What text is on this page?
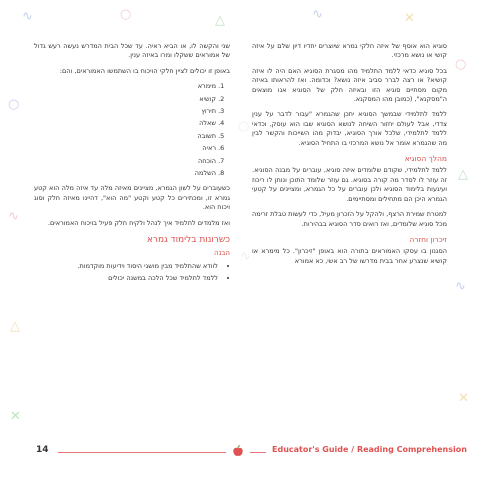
∿	○	△	∿	✕
○
△
∿
✕
○
∿
△
✕
∿
○

סוגיא הוא אוסף של איזה חלקי גמרא שיוצרים יחדיו דיון שלם על איזה קושי או נושא מרכזי.

בכל סוגיא כדאי ללמד התלמיד מהו מסגרת הסוגיא האם היה לו איזה קושיא? או רצה לברר סביב איזה נושא? וכדומה. ואז להראותו באיזה מקום מסתיים סוגיא הזו ובאיזה חלק של הסוגיא אנו מוצאים ה"מסקנא", (כמובן מהו המסקנא.

ללמד לתלמידי שבמשך הסוגיא יתכן שהגמרא "עבור לדבר על ענין צדדי, אבל לעולם יחזור השיחה לנושא הסוגיא שבו הוא עוסק, וכדאי ללמד לתלמידי, שלכל אורך הסוגיא, יבדוק מהו השייכות והקשר לבין מה שהגמרא אומר אל נושא המרכזי בו התחיל הסוגיא.

מהלך הסוגיא

ללמד לתלמידי, שקודם שלומדים איזה סוגיא, עוברים על מבנה הסוגיא. זה עוזר לו לסדר מה קורה בסוגיא. גם עוזר שלומד התוכן ונותן לו ריכוז ועיגעות בלימוד הסוגיא ולכן עוברים על כל הגמרא, ומציינים על קטעי הגמרא היכן הם מתחילים ומסתיימים.

למטרת שמירת הרצף, ולהקל על הזכרון מעיל, כדי לעשות טבלת זרימה מכל סוגיא שלומדים, ואז רואים סדר הסוגיא בבהירות.

זיכרון וחזרה

הסגנון בו עסקו האמוראים בתורה הוא באופן "זיכרון". כל מימרא או קושיא שנצרע אחר בבית מדרשו של רב אשי, כא אמורא

שני והקשה לו, או הביא ראיה. עד שכל הבית המדרש נעשה רעש גדול של אמוראים ששקלו ומרו באיזה ענין.

באופן זו יכולים לציין חלקי הויכוח בו השתמשו האמוראים, והם:

1. מימרא
2. קושיא
3. תירוץ
4. שאלה
5. תשובה
6. ראיה
7. הוכחה
8. השלמה

כשעוברים על לשון הגמרא, מציינים מאיזה מלה עד איזה מלה הוא קטע גמרא זו, ומכתירים כל קטע וקטע "מה הוא", דהיינו מאיזה חלק וסוג ויכוח הוא.

ואז מלמדים לתלמיד איך לנהל ולקיח חלק פעיל בויכוח האמוראים.

כשרונות בלימוד גמרא
הבנה
• לוודא שהתלמיד מבין מושגי היסוד וידיעות מוקדמות.
• ללמד לתלמיד שכל הלכה במשנה יכולים
14	Educator's Guide / Reading Comprehension
